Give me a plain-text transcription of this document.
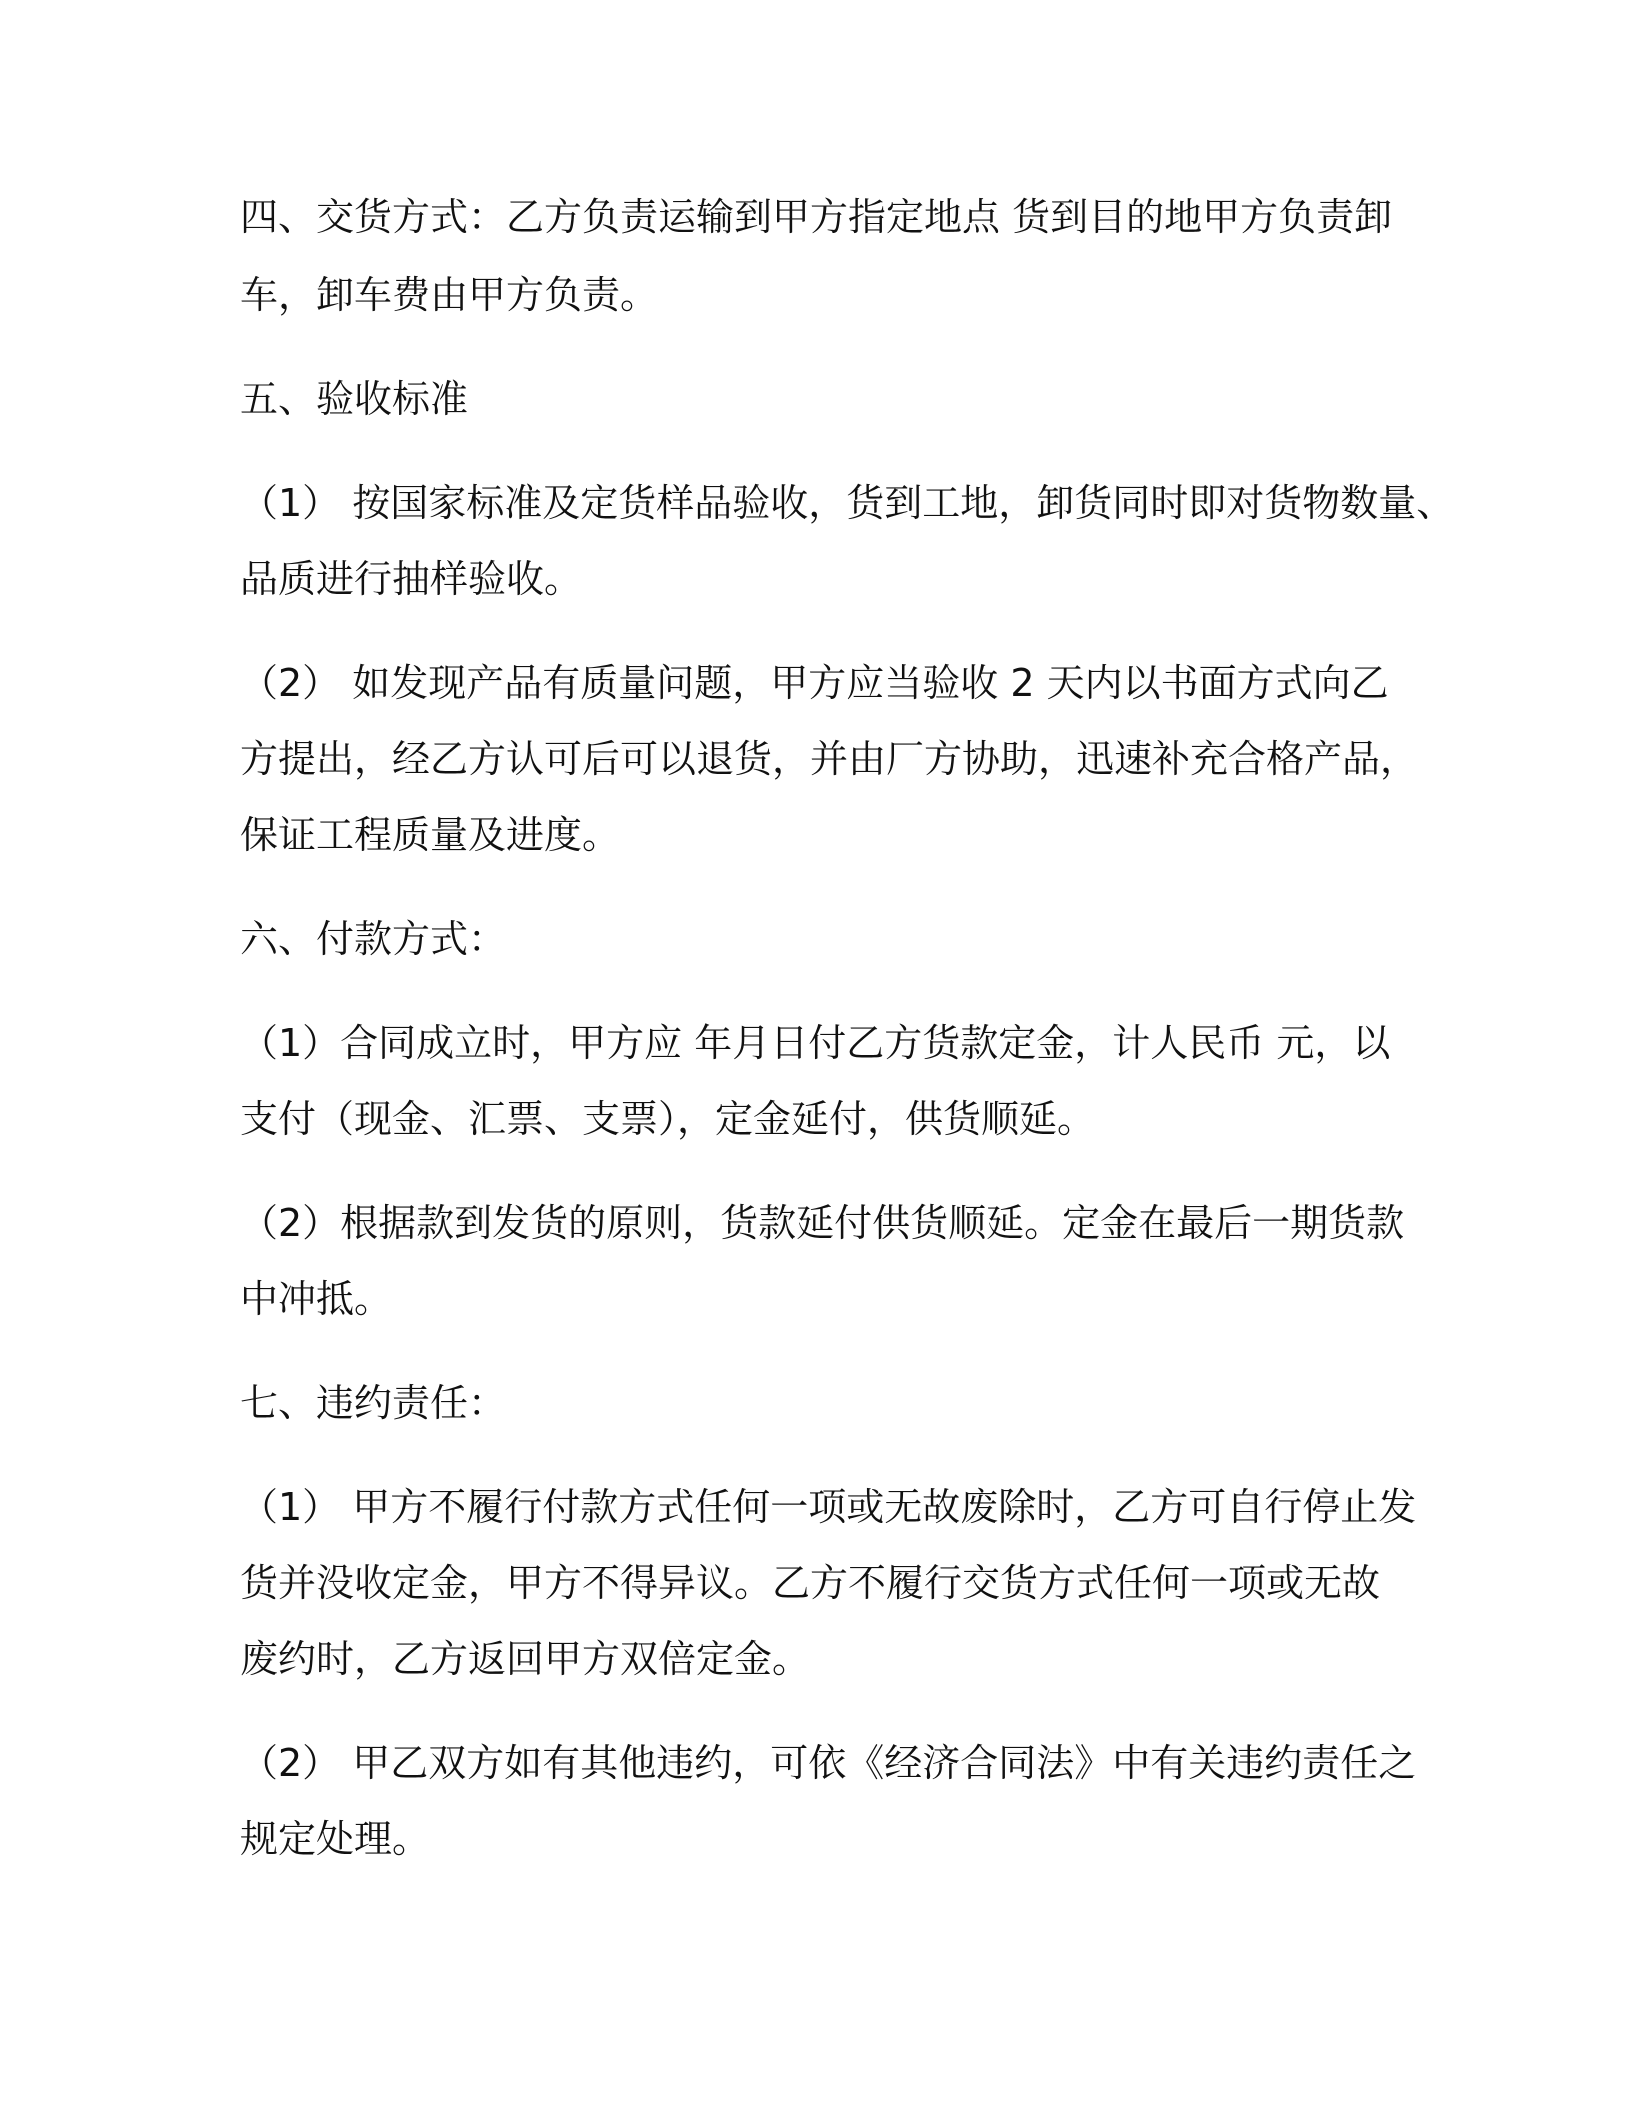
四、交货方式：乙方负责运输到甲方指定地点 货到目的地甲方负责卸

车，卸车费由甲方负责。

五、验收标准

（1） 按国家标准及定货样品验收，货到工地，卸货同时即对货物数量、

品质进行抽样验收。

（2） 如发现产品有质量问题，甲方应当验收 2 天内以书面方式向乙

方提出，经乙方认可后可以退货，并由厂方协助，迅速补充合格产品，

保证工程质量及进度。

六、付款方式：

（1）合同成立时，甲方应 年月日付乙方货款定金，计人民币 元，以

支付（现金、汇票、支票），定金延付，供货顺延。

（2）根据款到发货的原则，货款延付供货顺延。定金在最后一期货款

中冲抵。

七、违约责任：

（1） 甲方不履行付款方式任何一项或无故废除时，乙方可自行停止发

货并没收定金，甲方不得异议。乙方不履行交货方式任何一项或无故

废约时，乙方返回甲方双倍定金。

（2） 甲乙双方如有其他违约，可依《经济合同法》中有关违约责任之

规定处理。
